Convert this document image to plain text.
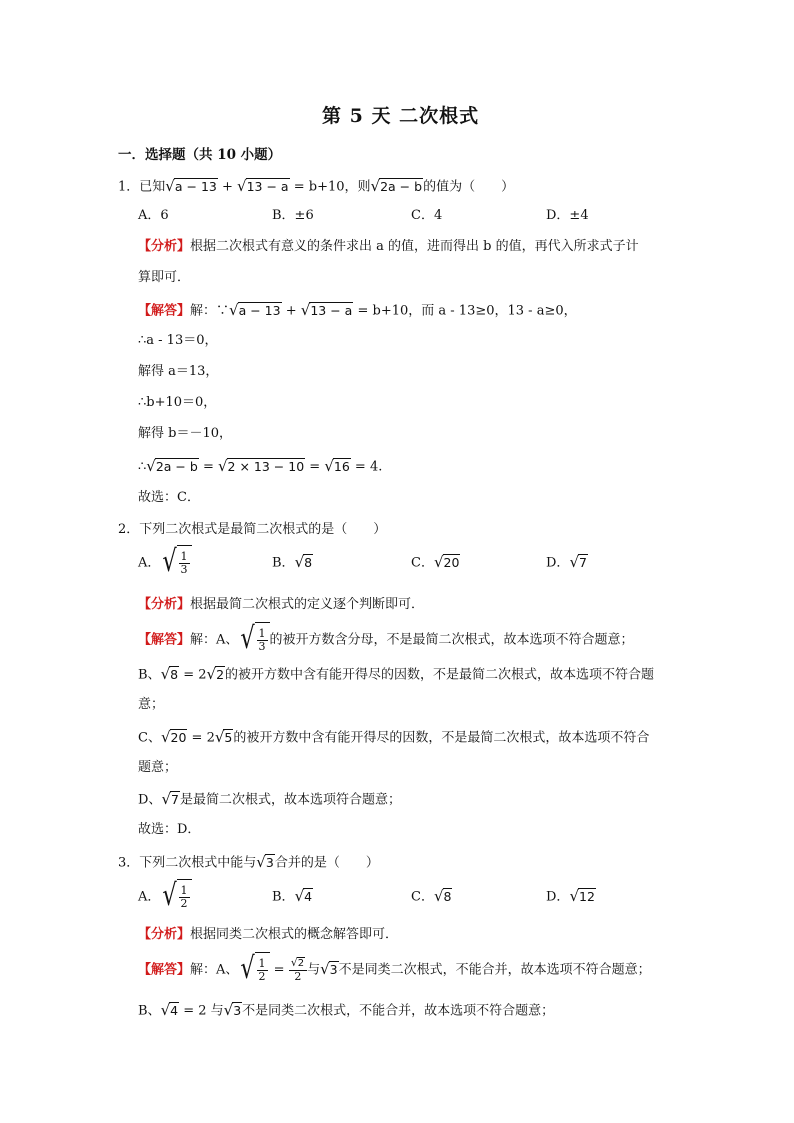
第 5 天 二次根式
一．选择题（共 10 小题）
1．已知√a − 13 + √13 − a = b+10，则√2a − b的值为（　　）
A．6	B．±6	C．4	D．±4
【分析】根据二次根式有意义的条件求出 a 的值，进而得出 b 的值，再代入所求式子计
算即可．
【解答】解：∵√a − 13 + √13 − a = b+10，而 a - 13≥0，13 - a≥0，
∴a - 13＝0，
解得 a＝13，
∴b+10＝0，
解得 b＝－10，
∴√2a − b = √2 × 13 − 10 = √16 = 4.
故选：C．
2．下列二次根式是最简二次根式的是（　　）
A． √ $\frac{1}{3}$	B．√8	C．√20	D．√7
【分析】根据最简二次根式的定义逐个判断即可．
【解答】解：A、 √ $\frac{1}{3}$ 的被开方数含分母，不是最简二次根式，故本选项不符合题意；
B、√8 = 2√2的被开方数中含有能开得尽的因数，不是最简二次根式，故本选项不符合题
意；
C、√20 = 2√5的被开方数中含有能开得尽的因数，不是最简二次根式，故本选项不符合
题意；
D、√7是最简二次根式，故本选项符合题意；
故选：D．
3．下列二次根式中能与√3合并的是（　　）
A． √ $\frac{1}{2}$	B．√4	C．√8	D．√12
【分析】根据同类二次根式的概念解答即可．
【解答】解：A、 √ $\frac{1}{2} = \frac{√2}{2}$ 与√3不是同类二次根式，不能合并，故本选项不符合题意；
B、√4 = 2 与√3不是同类二次根式，不能合并，故本选项不符合题意；
